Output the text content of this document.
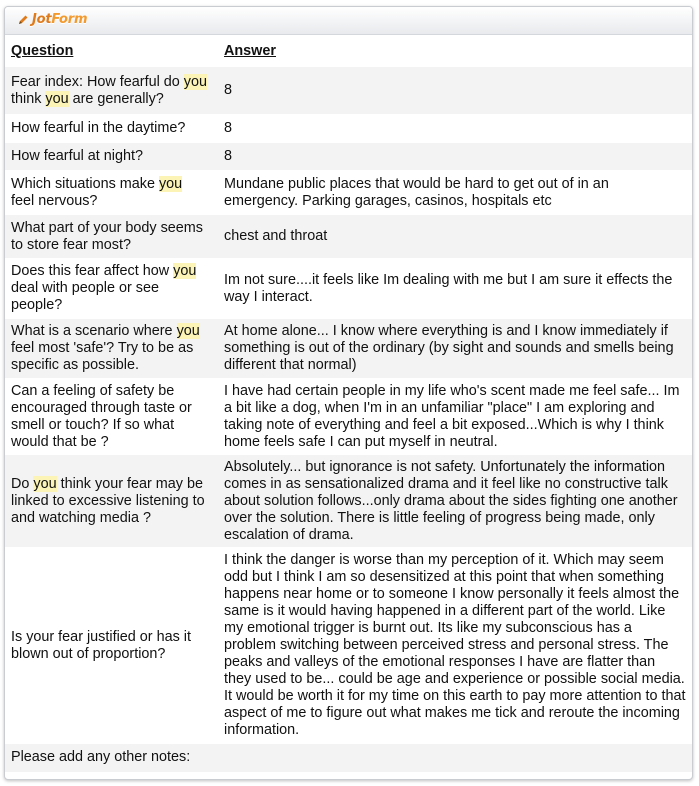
Jot Form
Question	Answer
Fear index: How fearful do you think you are generally?	8
How fearful in the daytime?	8
How fearful at night?	8
Which situations make you feel nervous?	Mundane public places that would be hard to get out of in an emergency. Parking garages, casinos, hospitals etc
What part of your body seems to store fear most?	chest and throat
Does this fear affect how you deal with people or see people?	Im not sure....it feels like Im dealing with me but I am sure it effects the way I interact.
What is a scenario where you feel most 'safe'? Try to be as specific as possible.	At home alone... I know where everything is and I know immediately if something is out of the ordinary (by sight and sounds and smells being different that normal)
Can a feeling of safety be encouraged through taste or smell or touch? If so what would that be ?	I have had certain people in my life who's scent made me feel safe... Im a bit like a dog, when I'm in an unfamiliar "place" I am exploring and taking note of everything and feel a bit exposed...Which is why I think home feels safe I can put myself in neutral.
Do you think your fear may be linked to excessive listening to and watching media ?	Absolutely... but ignorance is not safety. Unfortunately the information comes in as sensationalized drama and it feel like no constructive talk about solution follows...only drama about the sides fighting one another over the solution. There is little feeling of progress being made, only escalation of drama.
Is your fear justified or has it blown out of proportion?	I think the danger is worse than my perception of it. Which may seem odd but I think I am so desensitized at this point that when something happens near home or to someone I know personally it feels almost the same is it would having happened in a different part of the world. Like my emotional trigger is burnt out. Its like my subconscious has a problem switching between perceived stress and personal stress. The peaks and valleys of the emotional responses I have are flatter than they used to be... could be age and experience or possible social media. It would be worth it for my time on this earth to pay more attention to that aspect of me to figure out what makes me tick and reroute the incoming information.
Please add any other notes:	
